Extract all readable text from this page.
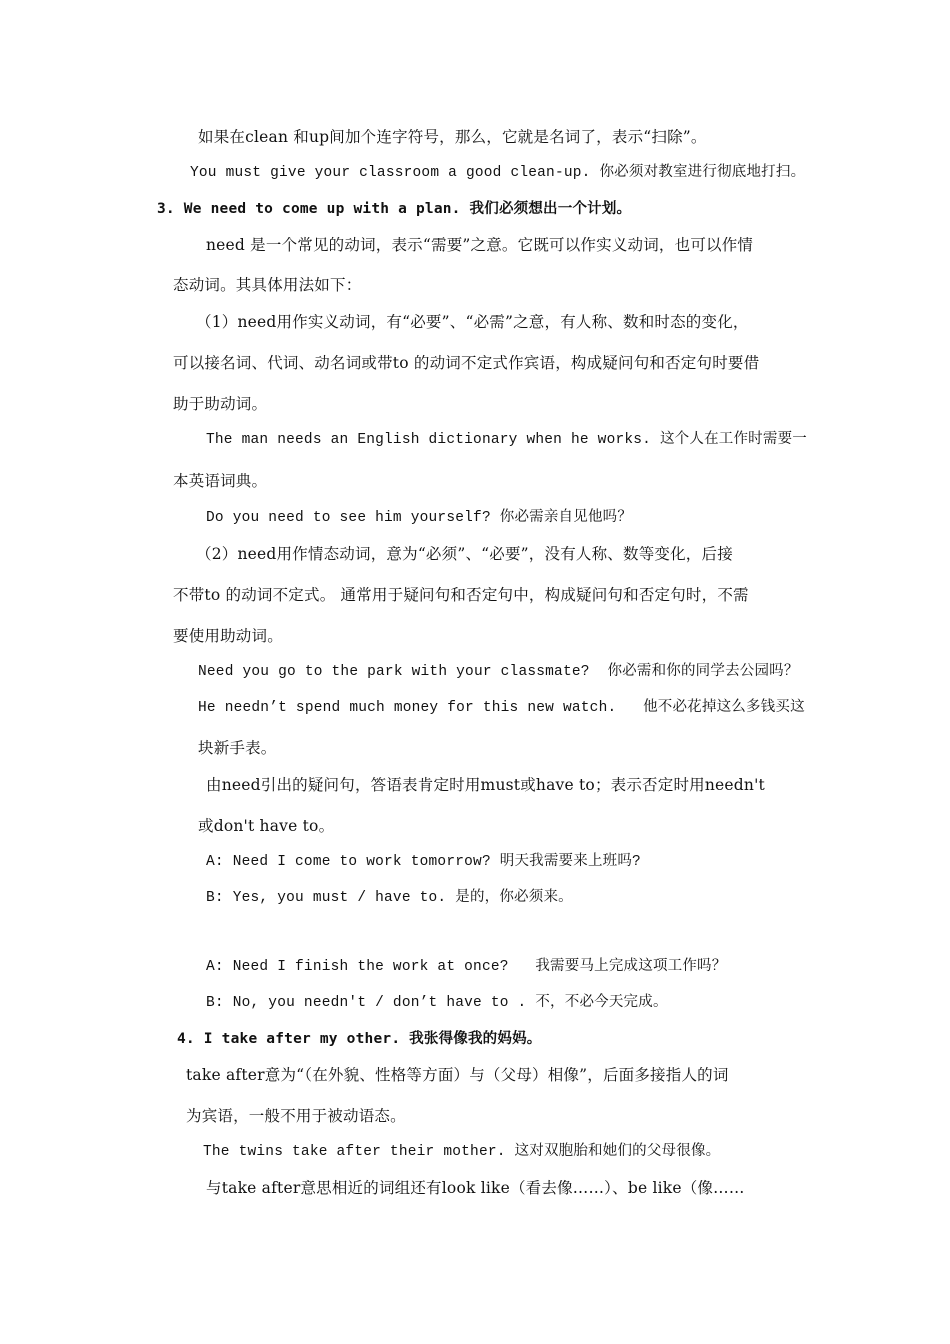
如果在clean 和up间加个连字符号，那么，它就是名词了，表示“扫除”。
You must give your classroom a good clean-up. 你必须对教室进行彻底地打扫。
3. We need to come up with a plan. 我们必须想出一个计划。
need 是一个常见的动词，表示“需要”之意。它既可以作实义动词，也可以作情
态动词。其具体用法如下：
（1）need用作实义动词，有“必要”、“必需”之意，有人称、数和时态的变化，
可以接名词、代词、动名词或带to 的动词不定式作宾语，构成疑问句和否定句时要借
助于助动词。
The man needs an English dictionary when he works. 这个人在工作时需要一
本英语词典。
Do you need to see him yourself? 你必需亲自见他吗？
（2）need用作情态动词，意为“必须”、“必要”，没有人称、数等变化，后接
不带to 的动词不定式。 通常用于疑问句和否定句中，构成疑问句和否定句时，不需
要使用助动词。
Need you go to the park with your classmate?  你必需和你的同学去公园吗？
He needn’t spend much money for this new watch.   他不必花掉这么多钱买这
块新手表。
由need引出的疑问句，答语表肯定时用must或have to；表示否定时用needn't
或don't have to。
A: Need I come to work tomorrow? 明天我需要来上班吗?
B: Yes, you must / have to. 是的，你必须来。
A: Need I finish the work at once?   我需要马上完成这项工作吗？
B: No, you needn't / don’t have to . 不，不必今天完成。
4. I take after my other. 我张得像我的妈妈。
take after意为“（在外貌、性格等方面）与（父母）相像”，后面多接指人的词
为宾语，一般不用于被动语态。
The twins take after their mother. 这对双胞胎和她们的父母很像。
与take after意思相近的词组还有look like（看去像……）、be like（像……
